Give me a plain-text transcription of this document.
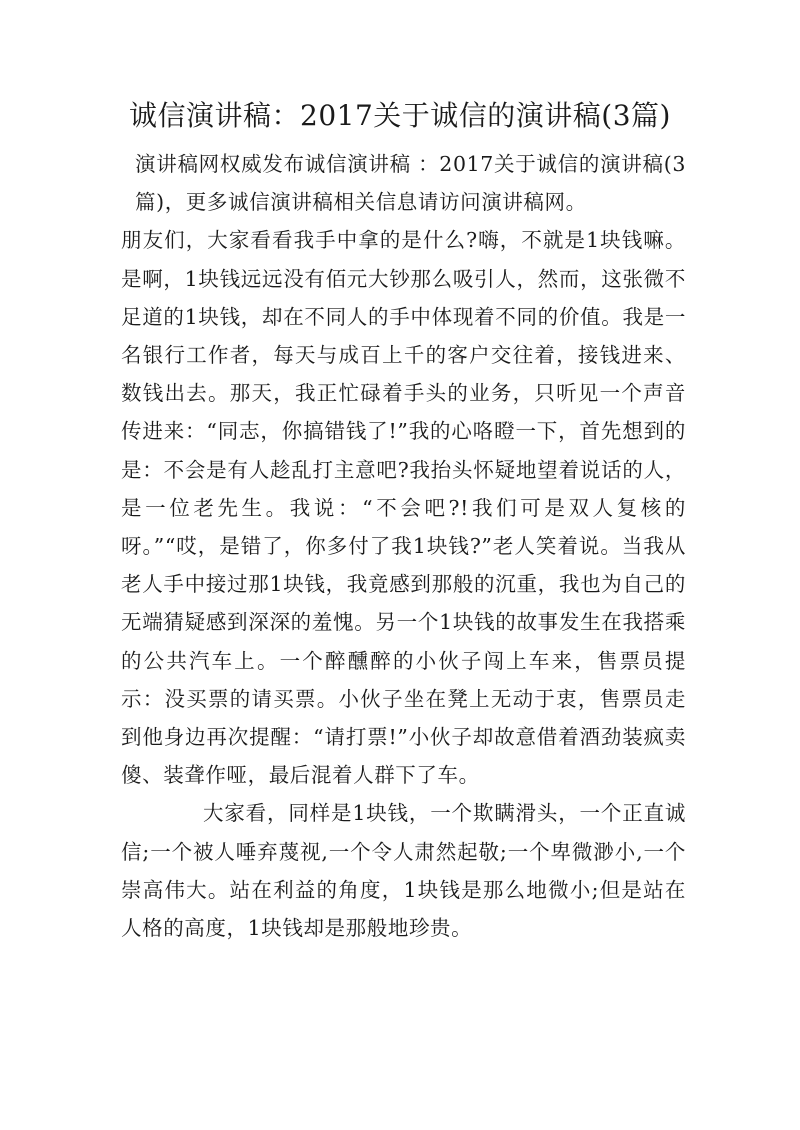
诚信演讲稿：2017关于诚信的演讲稿(3篇)

演讲稿网权威发布诚信演讲稿 ：2017关于诚信的演讲稿(3篇)，更多诚信演讲稿相关信息请访问演讲稿网。

朋友们，大家看看我手中拿的是什么?嗨，不就是1块钱嘛。是啊，1块钱远远没有佰元大钞那么吸引人，然而，这张微不足道的1块钱，却在不同人的手中体现着不同的价值。我是一名银行工作者，每天与成百上千的客户交往着，接钱进来、数钱出去。那天，我正忙碌着手头的业务，只听见一个声音传进来：“同志，你搞错钱了!”我的心咯瞪一下，首先想到的是：不会是有人趁乱打主意吧?我抬头怀疑地望着说话的人，是一位老先生。我说：“不会吧?!我们可是双人复核的呀。”“哎，是错了，你多付了我1块钱?”老人笑着说。当我从老人手中接过那1块钱，我竟感到那般的沉重，我也为自己的无端猜疑感到深深的羞愧。另一个1块钱的故事发生在我搭乘的公共汽车上。一个醉醺醉的小伙子闯上车来，售票员提示：没买票的请买票。小伙子坐在凳上无动于衷，售票员走到他身边再次提醒：“请打票!”小伙子却故意借着酒劲装疯卖傻、装聋作哑，最后混着人群下了车。

大家看，同样是1块钱，一个欺瞒滑头，一个正直诚信;一个被人唾弃蔑视,一个令人肃然起敬;一个卑微渺小,一个崇高伟大。站在利益的角度，1块钱是那么地微小;但是站在人格的高度，1块钱却是那般地珍贵。
